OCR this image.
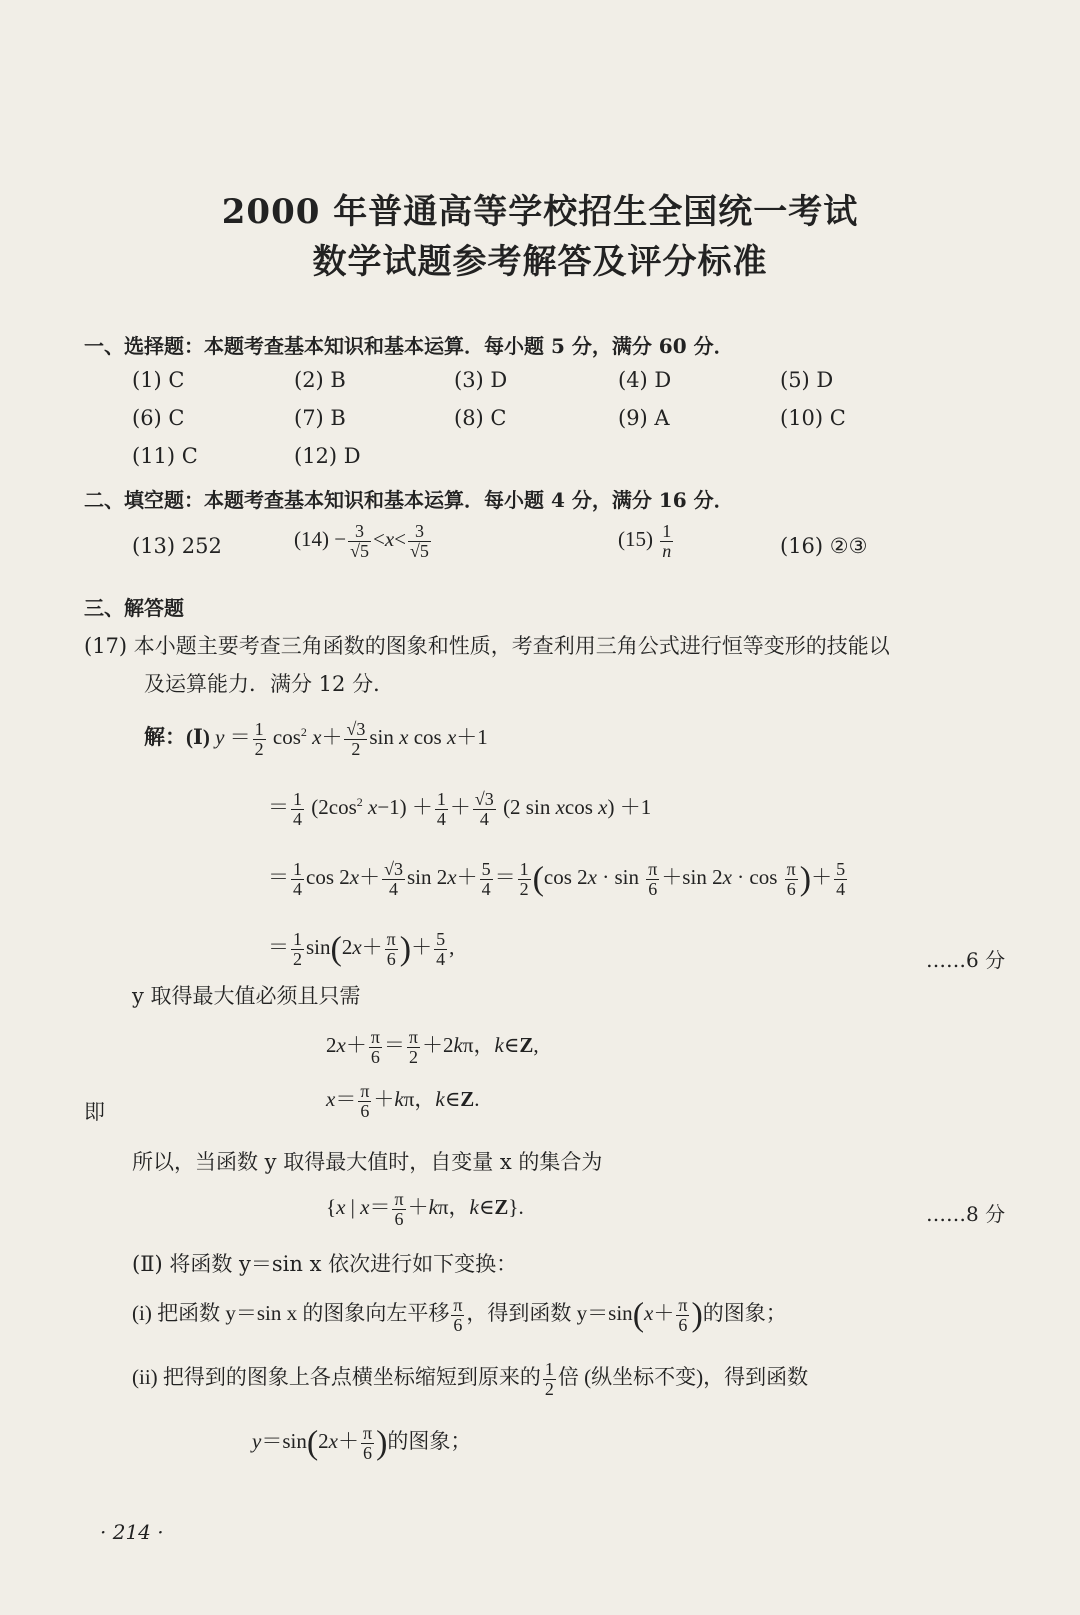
2000 年普通高等学校招生全国统一考试
数学试题参考解答及评分标准
一、选择题：本题考查基本知识和基本运算．每小题 5 分，满分 60 分．
(1) C	(2) B	(3) D	(4) D	(5) D
(6) C	(7) B	(8) C	(9) A	(10) C
(11) C	(12) D
二、填空题：本题考查基本知识和基本运算．每小题 4 分，满分 16 分．
(13) 252	$(14) - \frac{3}{√5} <x< \frac{3}{√5}$	$(15) \frac{1}{n}$	(16) ②③
三、解答题
(17) 本小题主要考查三角函数的图象和性质，考查利用三角公式进行恒等变形的技能以
及运算能力．满分 12 分．
解：(Ⅰ) $y = \frac{1}{2} \cos^2 x+ \frac{√3}{2}$ sin x cos x＋1
＝ $\frac{1}{4} (2\cos^2$ $x-1) + \frac{1}{4} + \frac{√3}{4} (2$ sin xcos x) ＋1
＝ $\frac{1}{4}$ $\cos 2x+ \frac{√3}{4}$ $\sin 2x+ \frac{5}{4} = \frac{1}{2} (\cos$ $2x \cdot \sin \frac{\pi}{6} +\sin$ $2x \cdot \cos \frac{\pi}{6}$ )＋ $\frac{5}{4}$
＝ $\frac{1}{2} \sin(2x+ \frac{\pi}{6}$ )＋ $\frac{5}{4}$ ,
……6 分
y 取得最大值必须且只需
$2x+ \frac{\pi}{6} = \frac{\pi}{2} +2k\pi$，k∈Z,
即
$x= \frac{\pi}{6} +k\pi$，k∈Z.
所以，当函数 y 取得最大值时，自变量 x 的集合为
{x | $x= \frac{\pi}{6} +k\pi$，k∈Z}.	……8 分
(Ⅱ) 将函数 y＝sin x 依次进行如下变换：
(i) 把函数 y＝sin x 的图象向左平移 $\frac{\pi}{6}$ ，得到函数 $y=\sin(x+ \frac{\pi}{6}$ )的图象；
(ii) 把得到的图象上各点横坐标缩短到原来的 $\frac{1}{2}$ 倍 (纵坐标不变)，得到函数
$y=\sin(2x+ \frac{\pi}{6}$ )的图象；
· 214 ·
